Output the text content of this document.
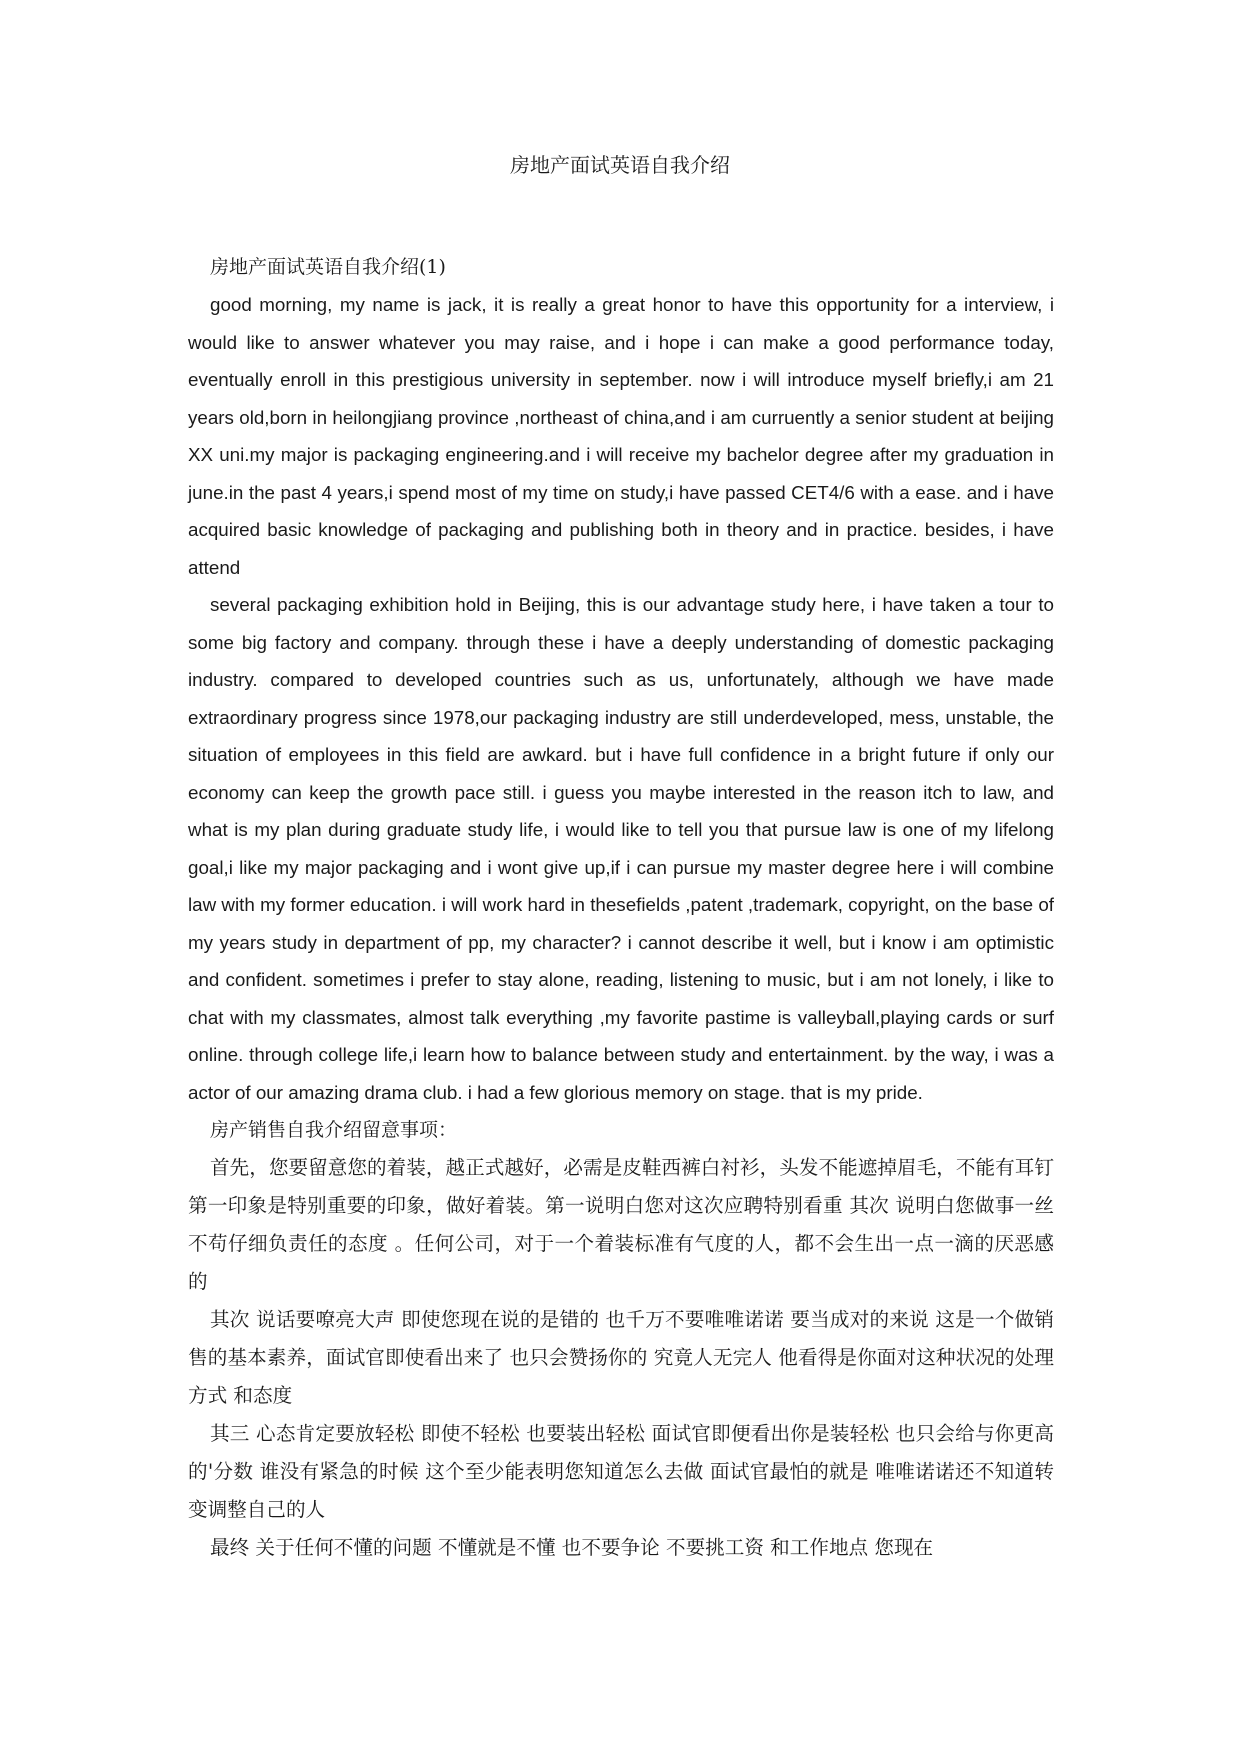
房地产面试英语自我介绍
房地产面试英语自我介绍(1)

good morning, my name is jack, it is really a great honor to have this opportunity for a interview, i would like to answer whatever you may raise, and i hope i can make a good performance today, eventually enroll in this prestigious university in september. now i will introduce myself briefly,i am 21 years old,born in heilongjiang province ,northeast of china,and i am curruently a senior student at beijing XX uni.my major is packaging engineering.and i will receive my bachelor degree after my graduation in june.in the past 4 years,i spend most of my time on study,i have passed CET4/6 with a ease. and i have acquired basic knowledge of packaging and publishing both in theory and in practice. besides, i have attend

several packaging exhibition hold in Beijing, this is our advantage study here, i have taken a tour to some big factory and company. through these i have a deeply understanding of domestic packaging industry. compared to developed countries such as us, unfortunately, although we have made extraordinary progress since 1978,our packaging industry are still underdeveloped, mess, unstable, the situation of employees in this field are awkard. but i have full confidence in a bright future if only our economy can keep the growth pace still. i guess you maybe interested in the reason itch to law, and what is my plan during graduate study life, i would like to tell you that pursue law is one of my lifelong goal,i like my major packaging and i wont give up,if i can pursue my master degree here i will combine law with my former education. i will work hard in thesefields ,patent ,trademark, copyright, on the base of my years study in department of pp, my character? i cannot describe it well, but i know i am optimistic and confident. sometimes i prefer to stay alone, reading, listening to music, but i am not lonely, i like to chat with my classmates, almost talk everything ,my favorite pastime is valleyball,playing cards or surf online. through college life,i learn how to balance between study and entertainment. by the way, i was a actor of our amazing drama club. i had a few glorious memory on stage. that is my pride.

房产销售自我介绍留意事项：

首先，您要留意您的着装，越正式越好，必需是皮鞋西裤白衬衫，头发不能遮掉眉毛，不能有耳钉 第一印象是特别重要的印象，做好着装。第一说明白您对这次应聘特别看重 其次 说明白您做事一丝不苟仔细负责任的态度 。任何公司，对于一个着装标准有气度的人，都不会生出一点一滴的厌恶感的

其次 说话要嘹亮大声 即使您现在说的是错的 也千万不要唯唯诺诺 要当成对的来说 这是一个做销售的基本素养，面试官即使看出来了 也只会赞扬你的 究竟人无完人 他看得是你面对这种状况的处理方式 和态度

其三 心态肯定要放轻松 即使不轻松 也要装出轻松 面试官即便看出你是装轻松 也只会给与你更高的'分数 谁没有紧急的时候 这个至少能表明您知道怎么去做 面试官最怕的就是 唯唯诺诺还不知道转变调整自己的人

最终 关于任何不懂的问题 不懂就是不懂 也不要争论 不要挑工资 和工作地点 您现在
